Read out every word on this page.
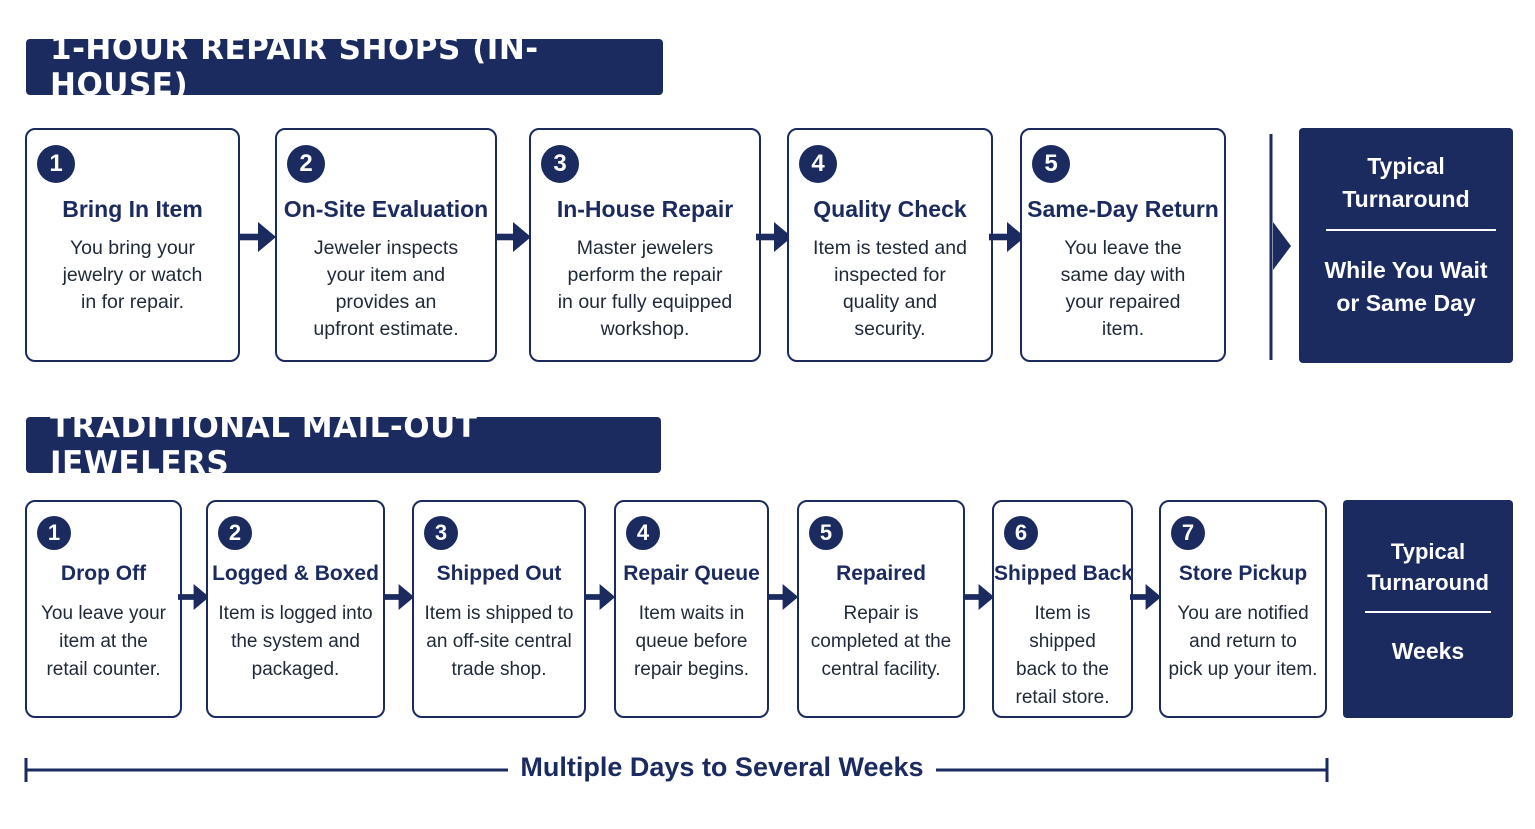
1-HOUR REPAIR SHOPS (IN-HOUSE)
1
Bring In Item
You bring your
jewelry or watch
in for repair.
2
On-Site Evaluation
Jeweler inspects
your item and
provides an
upfront estimate.
3
In-House Repair
Master jewelers
perform the repair
in our fully equipped
workshop.
4
Quality Check
Item is tested and
inspected for
quality and
security.
5
Same-Day Return
You leave the
same day with
your repaired
item.
Typical
Turnaround
While You Wait
or Same Day
TRADITIONAL MAIL-OUT JEWELERS
1
Drop Off
You leave your
item at the
retail counter.
2
Logged & Boxed
Item is logged into
the system and
packaged.
3
Shipped Out
Item is shipped to
an off-site central
trade shop.
4
Repair Queue
Item waits in
queue before
repair begins.
5
Repaired
Repair is
completed at the
central facility.
6
Shipped Back
Item is shipped
back to the
retail store.
7
Store Pickup
You are notified
and return to
pick up your item.
Typical
Turnaround
Weeks
Multiple Days to Several Weeks
